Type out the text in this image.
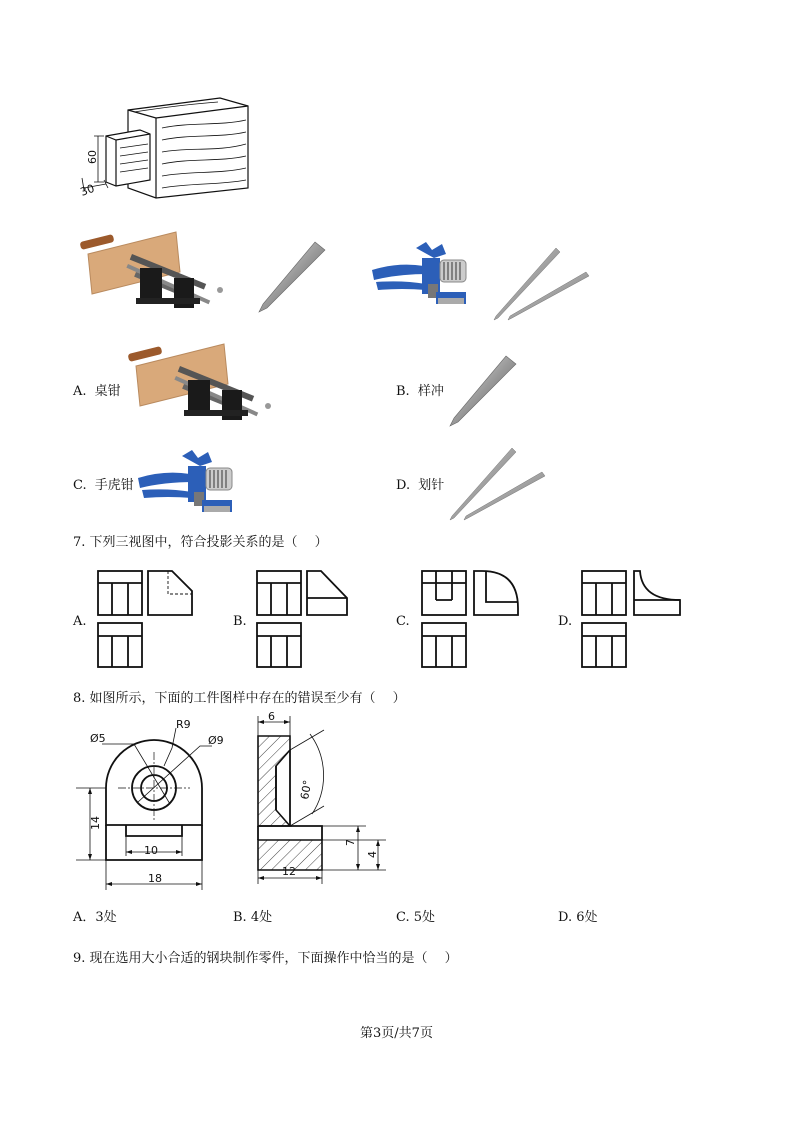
60
30
A. 桌钳	B. 样冲
C. 手虎钳	D. 划针
7. 下列三视图中，符合投影关系的是（　 ）
A.	B.	C.	D.
8. 如图所示，下面的工件图样中存在的错误至少有（　 ）
Ø5	Ø9
R9
14
10
18
6
60°
7
4
12
A．3处	B. 4处	C. 5处	D. 6处
9. 现在选用大小合适的钢块制作零件，下面操作中恰当的是（　 ）
第3页/共7页
